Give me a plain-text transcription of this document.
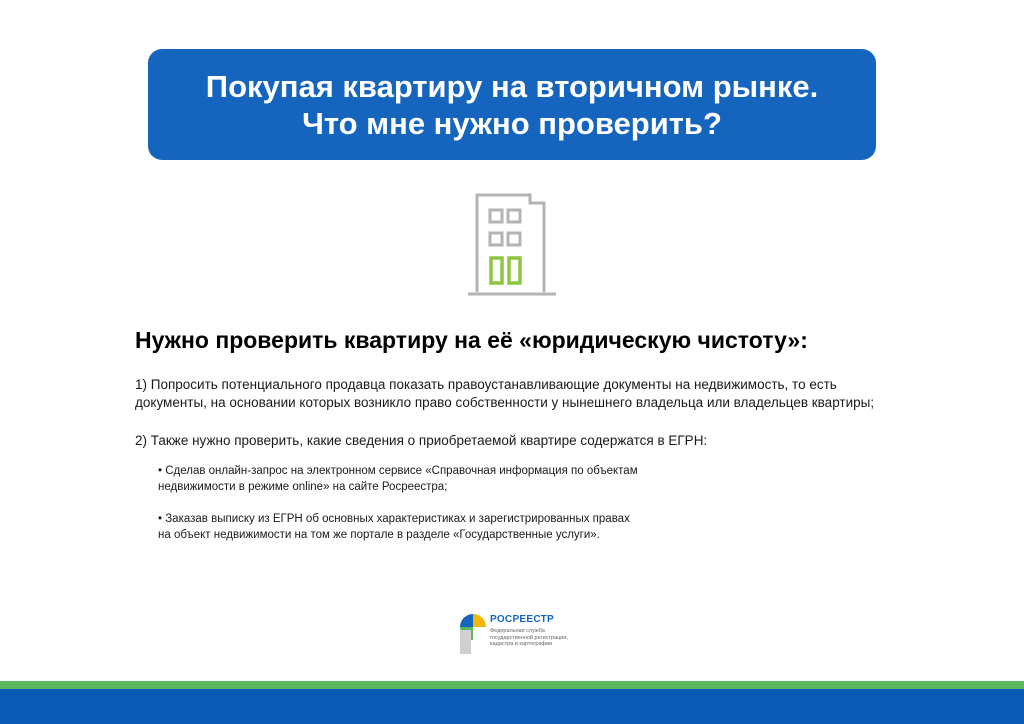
Покупая квартиру на вторичном рынке.
Что мне нужно проверить?
Нужно проверить квартиру на её «юридическую чистоту»:
1) Попросить потенциального продавца показать правоустанавливающие документы на недвижимость, то есть
документы, на основании которых возникло право собственности у нынешнего владельца или владельцев квартиры;
2) Также нужно проверить, какие сведения о приобретаемой квартире содержатся в ЕГРН:
• Сделав онлайн-запрос на электронном сервисе «Справочная информация по объектам
недвижимости в режиме online» на сайте Росреестра;
• Заказав выписку из ЕГРН об основных характеристиках и зарегистрированных правах
на объект недвижимости на том же портале в разделе «Государственные услуги».
РОСРЕЕСТР
Федеральная служба государственной регистрации, кадастра и картографии
